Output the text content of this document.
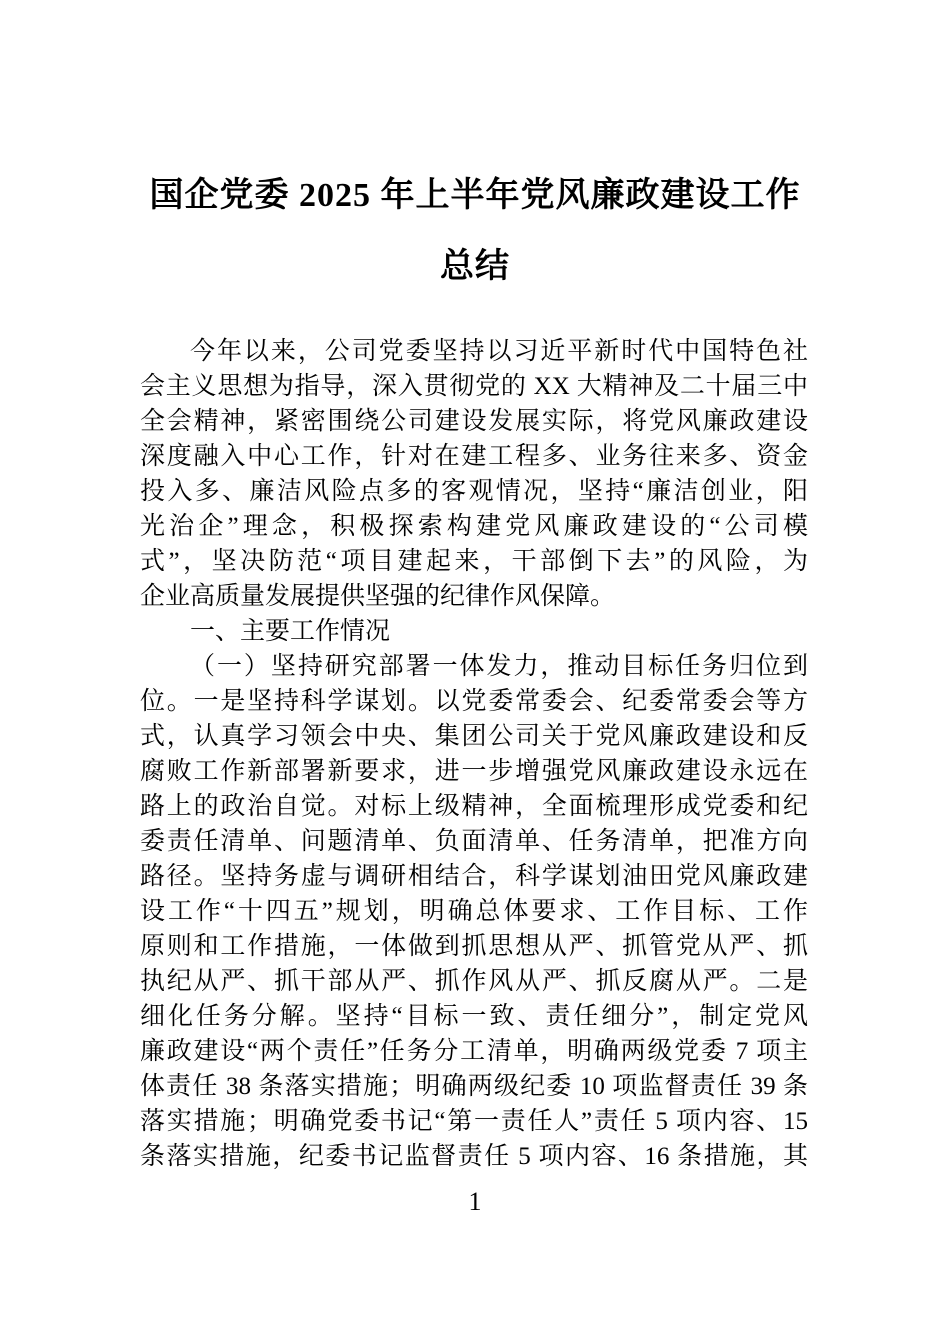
国企党委 2025 年上半年党风廉政建设工作
总结
今年以来，公司党委坚持以习近平新时代中国特色社
会主义思想为指导，深入贯彻党的 XX 大精神及二十届三中
全会精神，紧密围绕公司建设发展实际，将党风廉政建设
深度融入中心工作，针对在建工程多、业务往来多、资金
投入多、廉洁风险点多的客观情况，坚持“廉洁创业，阳
光治企”理念，积极探索构建党风廉政建设的“公司模
式”，坚决防范“项目建起来，干部倒下去”的风险，为
企业高质量发展提供坚强的纪律作风保障。
一、主要工作情况
（一）坚持研究部署一体发力，推动目标任务归位到
位。一是坚持科学谋划。以党委常委会、纪委常委会等方
式，认真学习领会中央、集团公司关于党风廉政建设和反
腐败工作新部署新要求，进一步增强党风廉政建设永远在
路上的政治自觉。对标上级精神，全面梳理形成党委和纪
委责任清单、问题清单、负面清单、任务清单，把准方向
路径。坚持务虚与调研相结合，科学谋划油田党风廉政建
设工作“十四五”规划，明确总体要求、工作目标、工作
原则和工作措施，一体做到抓思想从严、抓管党从严、抓
执纪从严、抓干部从严、抓作风从严、抓反腐从严。二是
细化任务分解。坚持“目标一致、责任细分”，制定党风
廉政建设“两个责任”任务分工清单，明确两级党委 7 项主
体责任 38 条落实措施；明确两级纪委 10 项监督责任 39 条
落实措施；明确党委书记“第一责任人”责任 5 项内容、15
条落实措施，纪委书记监督责任 5 项内容、16 条措施，其
1
